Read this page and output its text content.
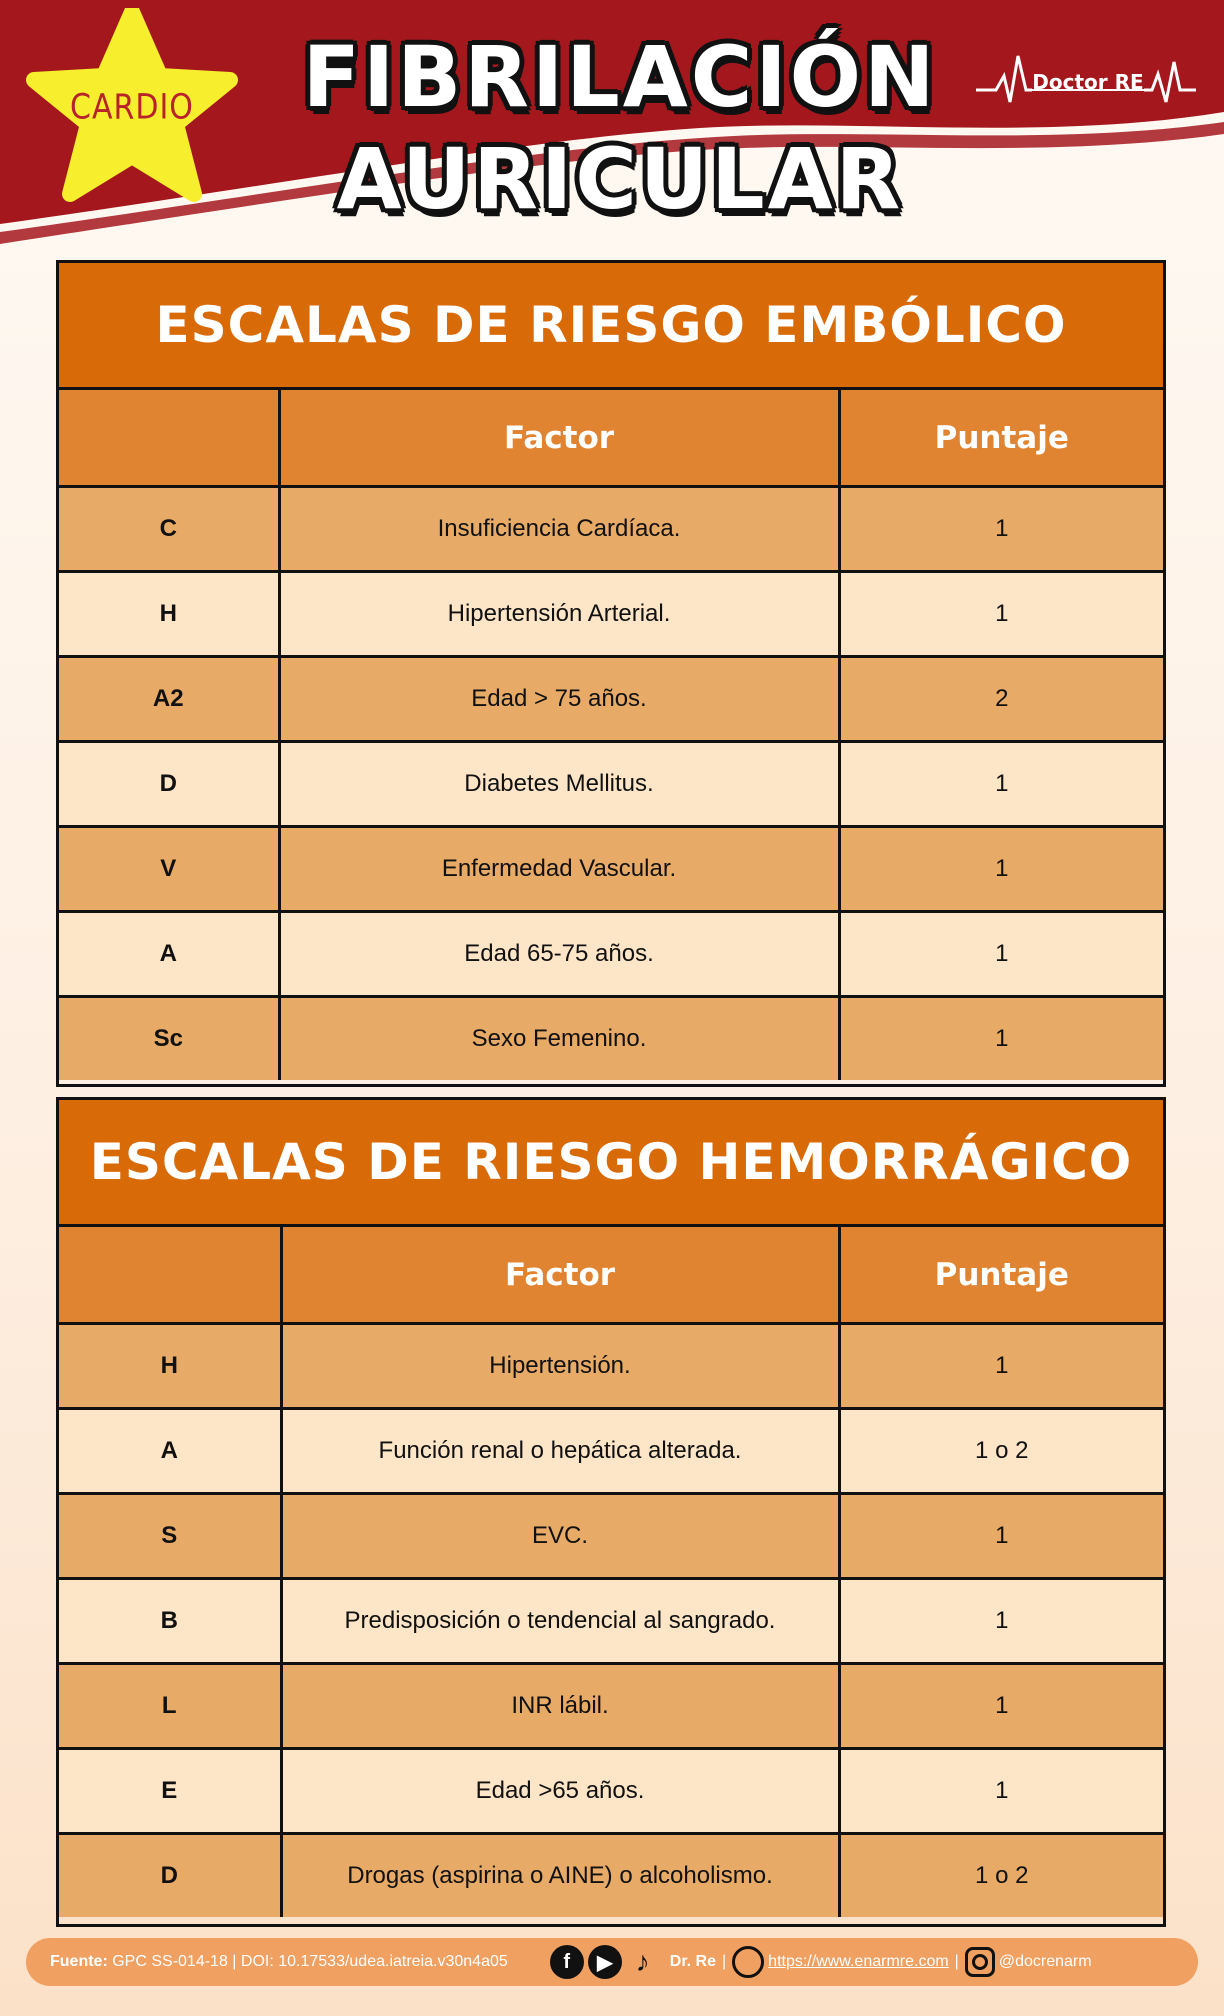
CARDIO	FIBRILACIÓN
AURICULAR
Doctor RE
ESCALAS DE RIESGO EMBÓLICO
	Factor	Puntaje
C	Insuficiencia Cardíaca.	1
H	Hipertensión Arterial.	1
A2	Edad > 75 años.	2
D	Diabetes Mellitus.	1
V	Enfermedad Vascular.	1
A	Edad 65-75 años.	1
Sc	Sexo Femenino.	1
ESCALAS DE RIESGO HEMORRÁGICO
	Factor	Puntaje
H	Hipertensión.	1
A	Función renal o hepática alterada.	1 o 2
S	EVC.	1
B	Predisposición o tendencial al sangrado.	1
L	INR lábil.	1
E	Edad >65 años.	1
D	Drogas (aspirina o AINE) o alcoholismo.	1 o 2
Fuente: GPC SS-014-18 | DOI: 10.17533/udea.iatreia.v30n4a05	f	▶ ♪	Dr. Re |	https://www.enarmre.com |	@docrenarm
